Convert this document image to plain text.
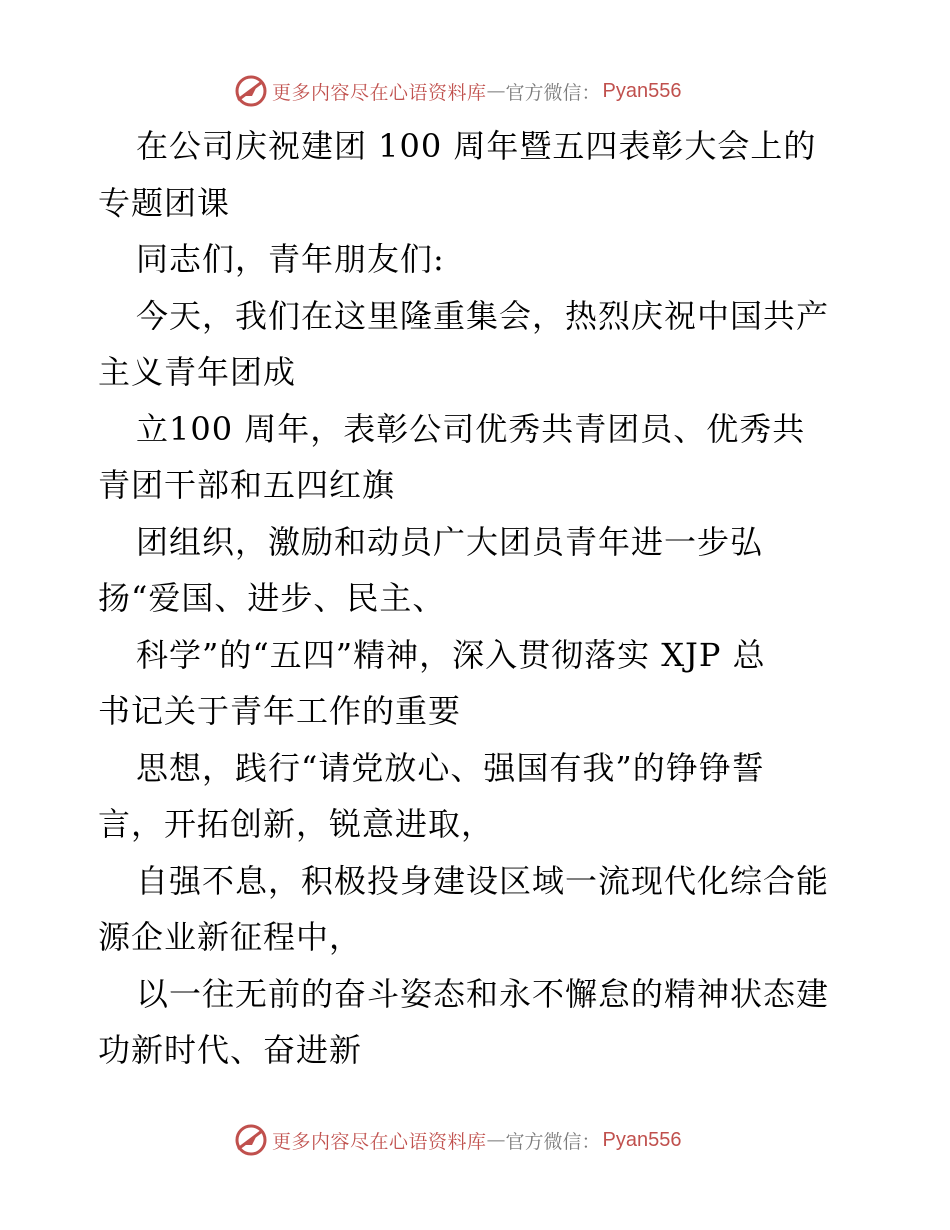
更多内容尽在心语资料库 — 官方微信： Pyan556
在公司庆祝建团 100 周年暨五四表彰大会上的
专题团课
同志们，青年朋友们:
今天，我们在这里隆重集会，热烈庆祝中国共产
主义青年团成
立100 周年，表彰公司优秀共青团员、优秀共
青团干部和五四红旗
团组织，激励和动员广大团员青年进一步弘
扬“爱国、进步、民主、
科学”的“五四”精神，深入贯彻落实 XJP 总
书记关于青年工作的重要
思想，践行“请党放心、强国有我”的铮铮誓
言，开拓创新，锐意进取，
自强不息，积极投身建设区域一流现代化综合能
源企业新征程中，
以一往无前的奋斗姿态和永不懈怠的精神状态建
功新时代、奋进新
更多内容尽在心语资料库 — 官方微信： Pyan556
